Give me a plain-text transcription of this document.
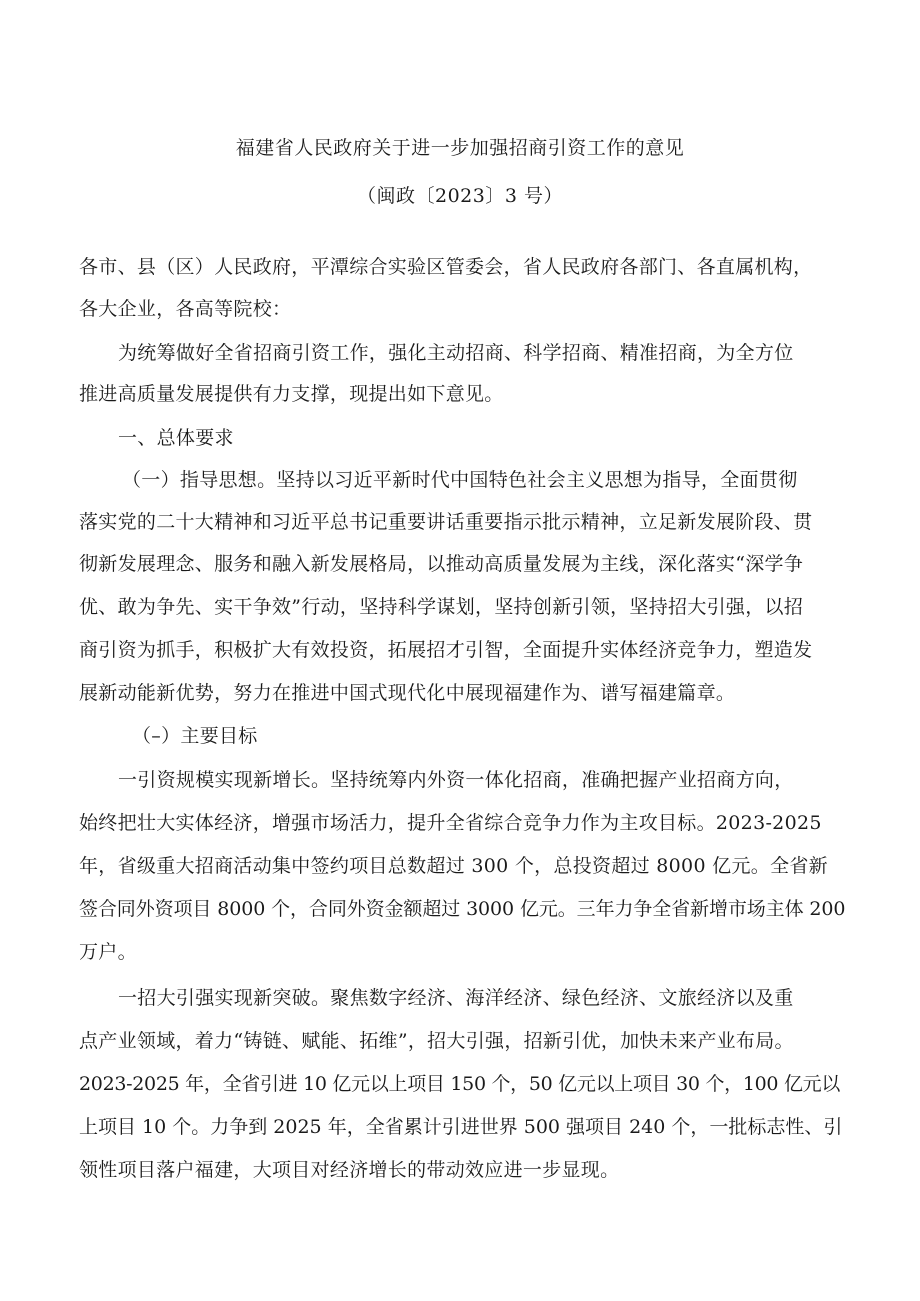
福建省人民政府关于进一步加强招商引资工作的意见
（闽政〔2023〕3 号）
各市、县（区）人民政府，平潭综合实验区管委会，省人民政府各部门、各直属机构，
各大企业，各高等院校：
为统筹做好全省招商引资工作，强化主动招商、科学招商、精准招商，为全方位
推进高质量发展提供有力支撑，现提出如下意见。
一、总体要求
（一）指导思想。坚持以习近平新时代中国特色社会主义思想为指导，全面贯彻
落实党的二十大精神和习近平总书记重要讲话重要指示批示精神，立足新发展阶段、贯
彻新发展理念、服务和融入新发展格局，以推动高质量发展为主线，深化落实“深学争
优、敢为争先、实干争效”行动，坚持科学谋划，坚持创新引领，坚持招大引强，以招
商引资为抓手，积极扩大有效投资，拓展招才引智，全面提升实体经济竞争力，塑造发
展新动能新优势，努力在推进中国式现代化中展现福建作为、谱写福建篇章。
（–）主要目标
一引资规模实现新增长。坚持统筹内外资一体化招商，准确把握产业招商方向，
始终把壮大实体经济，增强市场活力，提升全省综合竞争力作为主攻目标。2023-2025
年，省级重大招商活动集中签约项目总数超过 300 个，总投资超过 8000 亿元。全省新
签合同外资项目 8000 个，合同外资金额超过 3000 亿元。三年力争全省新增市场主体 200
万户。
一招大引强实现新突破。聚焦数字经济、海洋经济、绿色经济、文旅经济以及重
点产业领域，着力“铸链、赋能、拓维”，招大引强，招新引优，加快未来产业布局。
2023-2025 年，全省引进 10 亿元以上项目 150 个，50 亿元以上项目 30 个，100 亿元以
上项目 10 个。力争到 2025 年，全省累计引进世界 500 强项目 240 个，一批标志性、引
领性项目落户福建，大项目对经济增长的带动效应进一步显现。
